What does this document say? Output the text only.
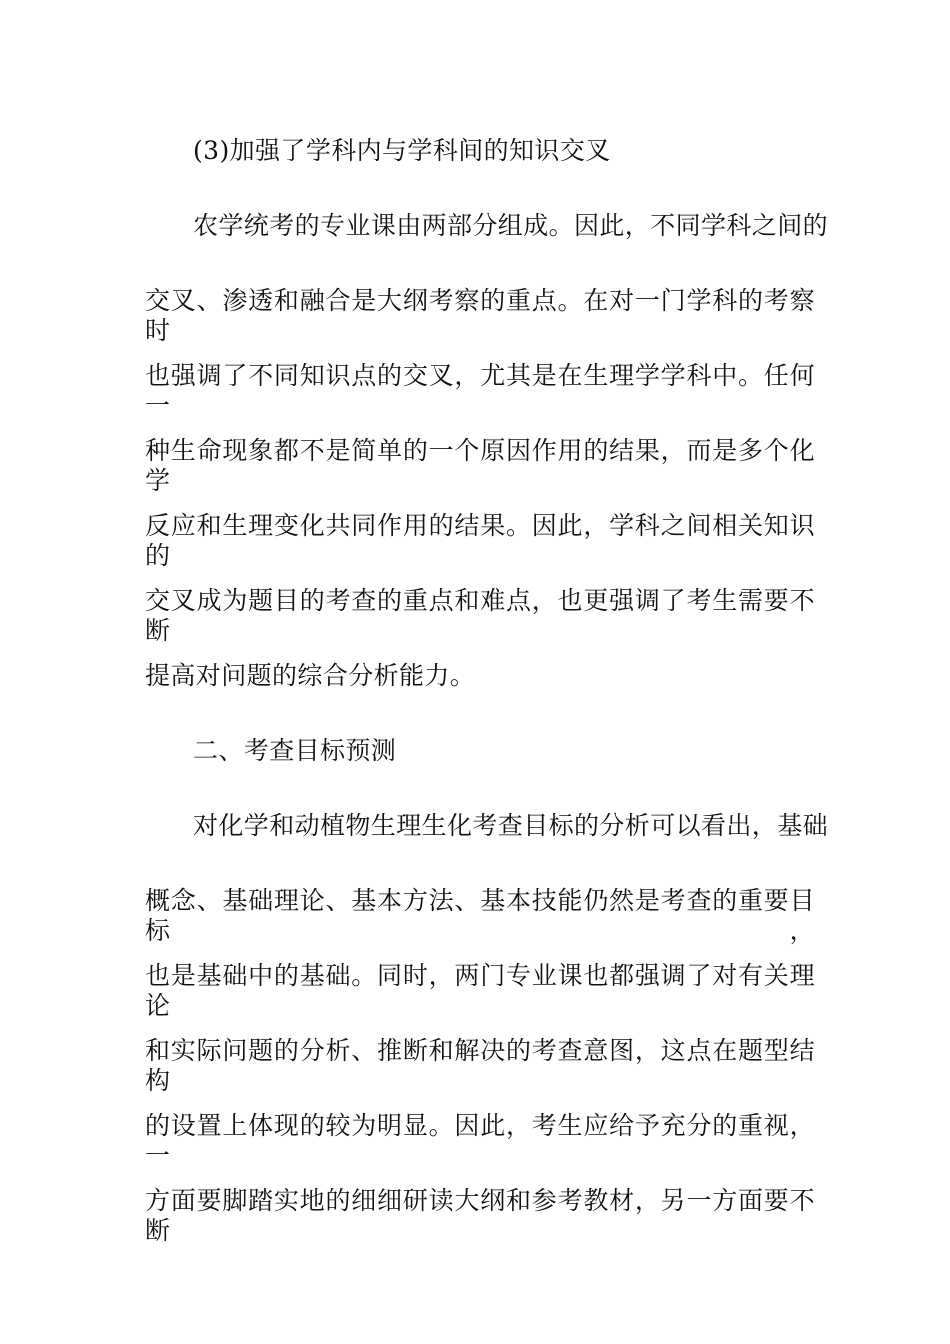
(3)加强了学科内与学科间的知识交叉
农学统考的专业课由两部分组成。因此，不同学科之间的
交叉、渗透和融合是大纲考察的重点。在对一门学科的考察时
也强调了不同知识点的交叉，尤其是在生理学学科中。任何一
种生命现象都不是简单的一个原因作用的结果，而是多个化学
反应和生理变化共同作用的结果。因此，学科之间相关知识的
交叉成为题目的考查的重点和难点，也更强调了考生需要不断
提高对问题的综合分析能力。
二、考查目标预测
对化学和动植物生理生化考查目标的分析可以看出，基础
概念、基础理论、基本方法、基本技能仍然是考查的重要目标，
也是基础中的基础。同时，两门专业课也都强调了对有关理论
和实际问题的分析、推断和解决的考查意图，这点在题型结构
的设置上体现的较为明显。因此，考生应给予充分的重视，一
方面要脚踏实地的细细研读大纲和参考教材，另一方面要不断
